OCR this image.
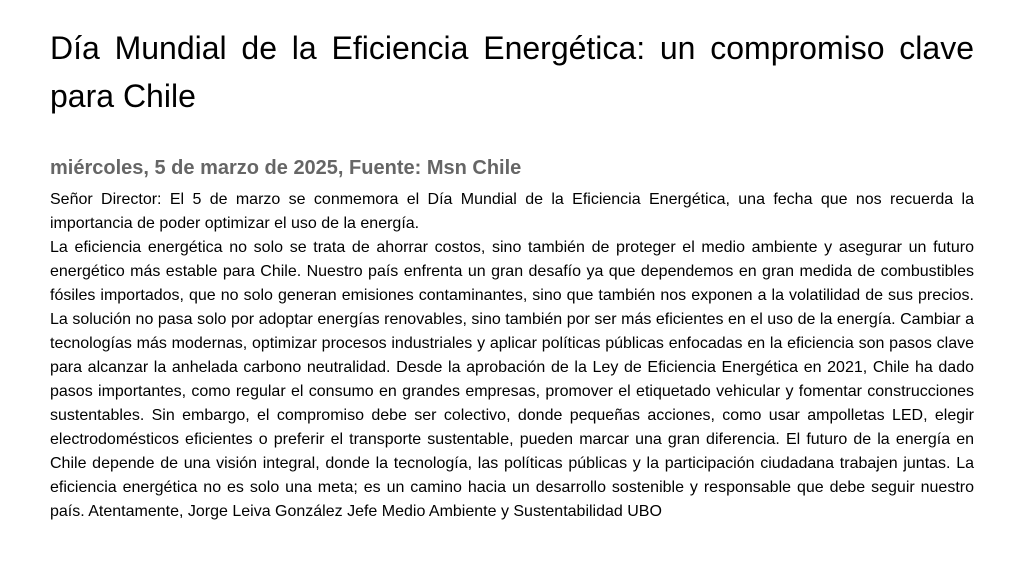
Día Mundial de la Eficiencia Energética: un compromiso clave para Chile
miércoles, 5 de marzo de 2025, Fuente: Msn Chile

Señor Director: El 5 de marzo se conmemora el Día Mundial de la Eficiencia Energética, una fecha que nos recuerda la importancia de poder optimizar el uso de la energía.

La eficiencia energética no solo se trata de ahorrar costos, sino también de proteger el medio ambiente y asegurar un futuro energético más estable para Chile. Nuestro país enfrenta un gran desafío ya que dependemos en gran medida de combustibles fósiles importados, que no solo generan emisiones contaminantes, sino que también nos exponen a la volatilidad de sus precios. La solución no pasa solo por adoptar energías renovables, sino también por ser más eficientes en el uso de la energía. Cambiar a tecnologías más modernas, optimizar procesos industriales y aplicar políticas públicas enfocadas en la eficiencia son pasos clave para alcanzar la anhelada carbono neutralidad. Desde la aprobación de la Ley de Eficiencia Energética en 2021, Chile ha dado pasos importantes, como regular el consumo en grandes empresas, promover el etiquetado vehicular y fomentar construcciones sustentables. Sin embargo, el compromiso debe ser colectivo, donde pequeñas acciones, como usar ampolletas LED, elegir electrodomésticos eficientes o preferir el transporte sustentable, pueden marcar una gran diferencia. El futuro de la energía en Chile depende de una visión integral, donde la tecnología, las políticas públicas y la participación ciudadana trabajen juntas. La eficiencia energética no es solo una meta; es un camino hacia un desarrollo sostenible y responsable que debe seguir nuestro país. Atentamente, Jorge Leiva González Jefe Medio Ambiente y Sustentabilidad UBO
